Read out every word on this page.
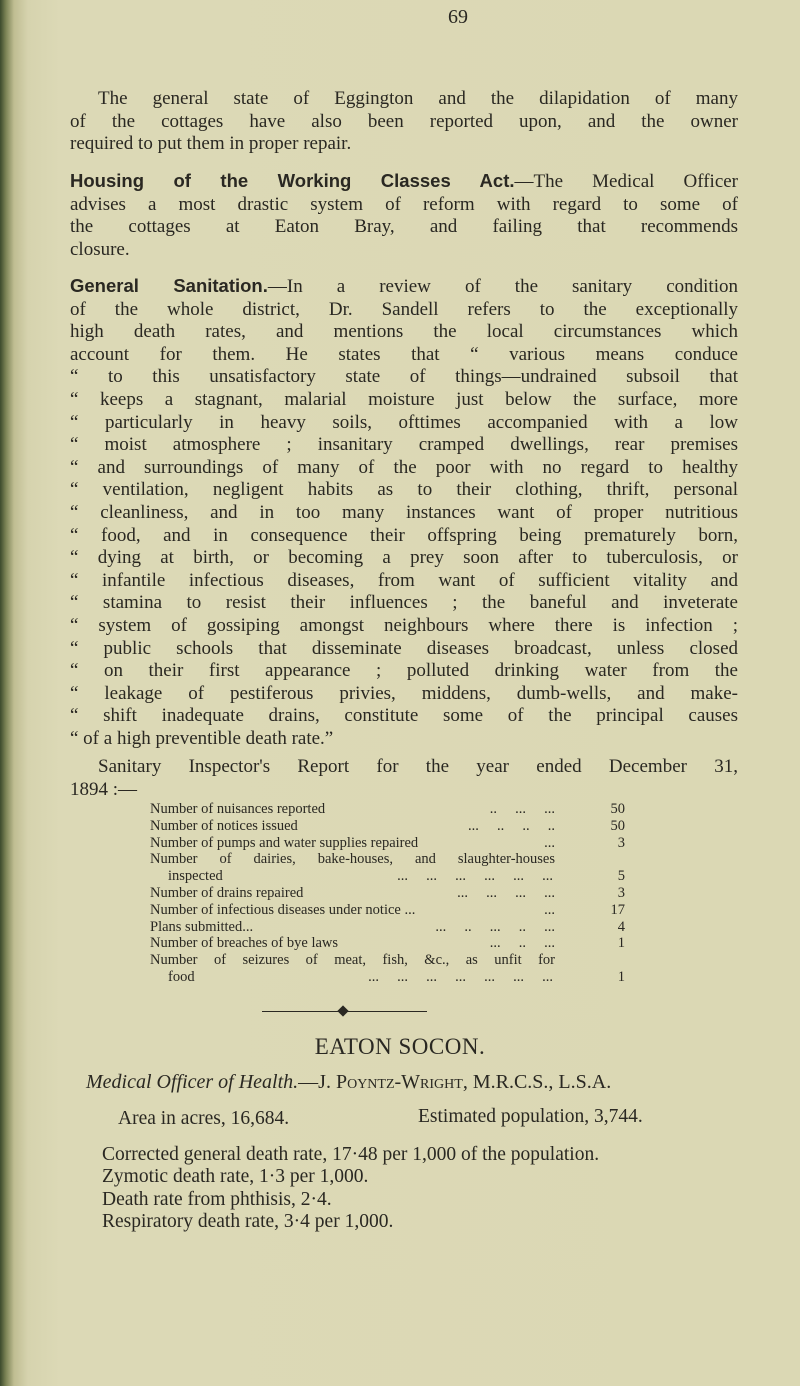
69
The general state of Eggington and the dilapidation of many
of the cottages have also been reported upon, and the owner
required to put them in proper repair.
Housing of the Working Classes Act.—The Medical Officer
advises a most drastic system of reform with regard to some of
the cottages at Eaton Bray, and failing that recommends
closure.
General Sanitation.—In a review of the sanitary condition
of the whole district, Dr. Sandell refers to the exceptionally
high death rates, and mentions the local circumstances which
account for them. He states that “ various means conduce
“ to this unsatisfactory state of things—undrained subsoil that
“ keeps a stagnant, malarial moisture just below the surface, more
“ particularly in heavy soils, ofttimes accompanied with a low
“ moist atmosphere ; insanitary cramped dwellings, rear premises
“ and surroundings of many of the poor with no regard to healthy
“ ventilation, negligent habits as to their clothing, thrift, personal
“ cleanliness, and in too many instances want of proper nutritious
“ food, and in consequence their offspring being prematurely born,
“ dying at birth, or becoming a prey soon after to tuberculosis, or
“ infantile infectious diseases, from want of sufficient vitality and
“ stamina to resist their influences ; the baneful and inveterate
“ system of gossiping amongst neighbours where there is infection ;
“ public schools that disseminate diseases broadcast, unless closed
“ on their first appearance ; polluted drinking water from the
“ leakage of pestiferous privies, middens, dumb-wells, and make-
“ shift inadequate drains, constitute some of the principal causes
“ of a high preventible death rate.”
Sanitary Inspector's Report for the year ended December 31,
1894 :—
Number of nuisances reported	..     ...     ...	50
Number of notices issued	...     ..     ..     ..	50
Number of pumps and water supplies repaired	...	3
Number of dairies, bake-houses, and slaughter-houses
inspected	...     ...     ...     ...     ...     ...	5
Number of drains repaired	...     ...     ...     ...	3
Number of infectious diseases under notice ...	...	17
Plans submitted...	...     ..     ...     ..     ...	4
Number of breaches of bye laws	...     ..     ...	1
Number of seizures of meat, fish, &c., as unfit for
food	...     ...     ...     ...     ...     ...     ...	1
EATON SOCON.
Medical Officer of Health.—J. Poyntz-Wright, M.R.C.S., L.S.A.
Area in acres, 16,684.	Estimated population, 3,744.
Corrected general death rate, 17·48 per 1,000 of the population.
Zymotic death rate, 1·3 per 1,000.
Death rate from phthisis, 2·4.
Respiratory death rate, 3·4 per 1,000.
